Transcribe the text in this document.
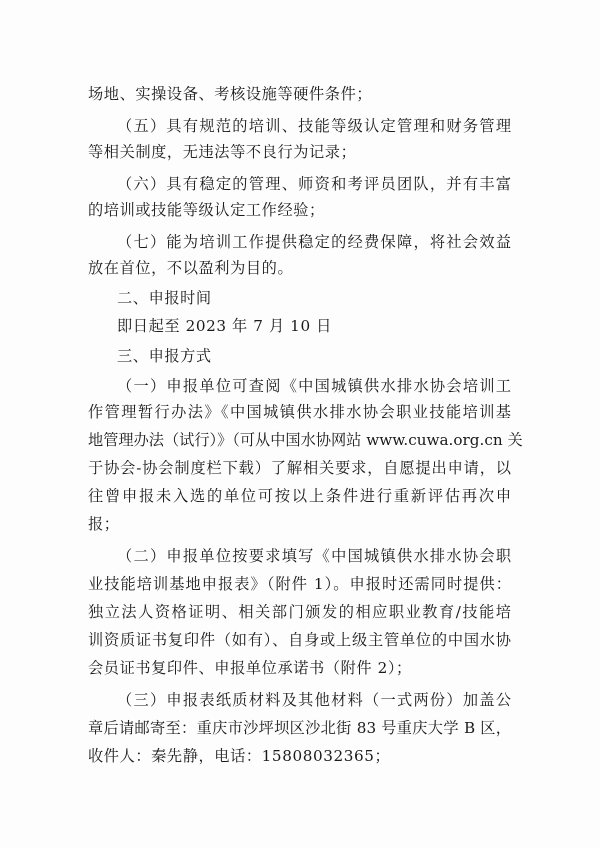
场地、实操设备、考核设施等硬件条件；
（五）具有规范的培训、技能等级认定管理和财务管理
等相关制度，无违法等不良行为记录；
（六）具有稳定的管理、师资和考评员团队，并有丰富
的培训或技能等级认定工作经验；
（七）能为培训工作提供稳定的经费保障，将社会效益
放在首位，不以盈利为目的。
二、申报时间
即日起至 2023 年 7 月 10 日
三、申报方式
（一）申报单位可查阅《中国城镇供水排水协会培训工
作管理暂行办法》《中国城镇供水排水协会职业技能培训基
地管理办法（试行）》（可从中国水协网站 www.cuwa.org.cn 关
于协会-协会制度栏下载）了解相关要求，自愿提出申请，以
往曾申报未入选的单位可按以上条件进行重新评估再次申
报；
（二）申报单位按要求填写《中国城镇供水排水协会职
业技能培训基地申报表》（附件 1）。申报时还需同时提供：
独立法人资格证明、相关部门颁发的相应职业教育/技能培
训资质证书复印件（如有）、自身或上级主管单位的中国水协
会员证书复印件、申报单位承诺书（附件 2）；
（三）申报表纸质材料及其他材料（一式两份）加盖公
章后请邮寄至：重庆市沙坪坝区沙北街 83 号重庆大学 B 区，
收件人：秦先静，电话：15808032365；
